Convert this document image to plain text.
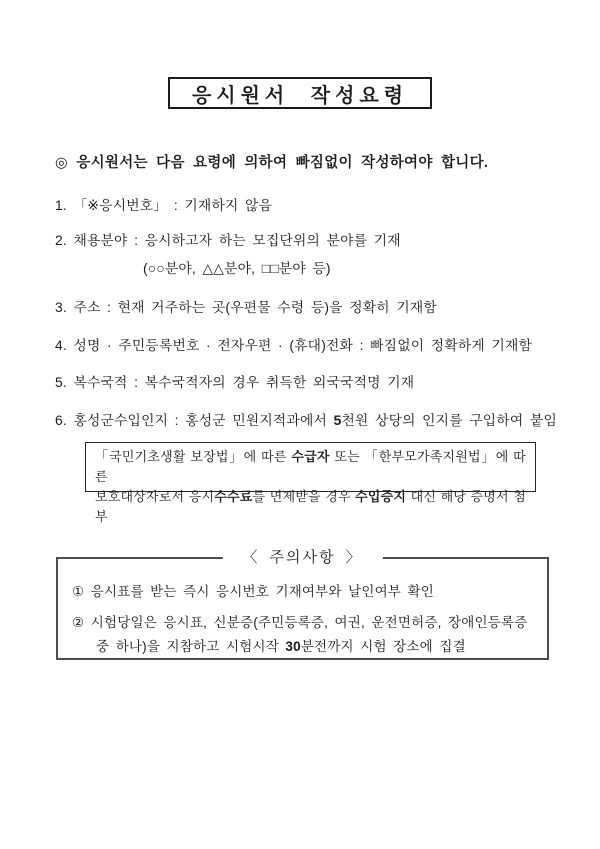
응시원서 작성요령
◎ 응시원서는 다음 요령에 의하여 빠짐없이 작성하여야 합니다.
1. 「※응시번호」 : 기재하지 않음
2. 채용분야 : 응시하고자 하는 모집단위의 분야를 기재
(○○분야, △△분야, □□분야 등)
3. 주소 : 현재 거주하는 곳(우편물 수령 등)을 정확히 기재함
4. 성명 · 주민등록번호 · 전자우편 · (휴대)전화 : 빠짐없이 정확하게 기재함
5. 복수국적 : 복수국적자의 경우 취득한 외국국적명 기재
6. 홍성군수입인지 : 홍성군 민원지적과에서 5천원 상당의 인지를 구입하여 붙임
「국민기초생활 보장법」에 따른 수급자 또는 「한부모가족지원법」에 따른
보호대상자로서 응시수수료를 면제받을 경우 수입증지 대신 해당 증명서 첨부
〈 주의사항 〉
① 응시표를 받는 즉시 응시번호 기재여부와 날인여부 확인
② 시험당일은 응시표, 신분증(주민등록증, 여권, 운전면허증, 장애인등록증
중 하나)을 지참하고 시험시작 30분전까지 시험 장소에 집결
